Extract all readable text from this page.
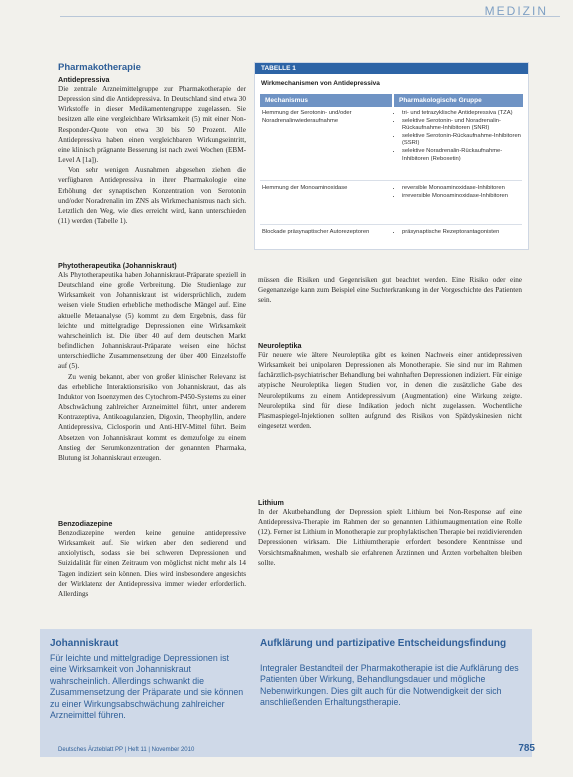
MEDIZIN
Pharmakotherapie
Antidepressiva

Die zentrale Arzneimittelgruppe zur Pharmakotherapie der Depression sind die Antidepressiva. In Deutschland sind etwa 30 Wirkstoffe in dieser Medikamentengruppe zugelassen. Sie besitzen alle eine vergleichbare Wirksamkeit (5) mit einer Non-Responder-Quote von etwa 30 bis 50 Prozent. Alle Antidepressiva haben einen vergleichbaren Wirkungseintritt, eine klinisch prägnante Besserung ist nach zwei Wochen (EBM-Level A [1a]).

Von sehr wenigen Ausnahmen abgesehen ziehen die verfügbaren Antidepressiva in ihrer Pharmakologie eine Erhöhung der synaptischen Konzentration von Serotonin und/oder Noradrenalin im ZNS als Wirkmechanismus nach sich. Letztlich den Weg, wie dies erreicht wird, kann unterschieden (11) werden (Tabelle 1).

TABELLE 1
Wirkmechanismen von Antidepressiva
Mechanismus	Pharmakologische Gruppe
Hemmung der Serotonin- und/oder Noradrenalinwiederaufnahme
• tri- und tetrazyklische Antidepressiva (TZA)
• selektive Serotonin- und Noradrenalin-Rückaufnahme-Inhibitoren (SNRI)
• selektive Serotonin-Rückaufnahme-Inhibitoren (SSRI)
• selektive Noradrenalin-Rückaufnahme-Inhibitoren (Reboxetin)
Hemmung der Monoaminoxidase	• reversible Monoaminoxidase-Inhibitoren
• irreversible Monoaminoxidase-Inhibitoren
Blockade präsynaptischer Autorezeptoren	• präsynaptische Rezeptorantagonisten
Phytotherapeutika (Johanniskraut)

Als Phytotherapeutika haben Johanniskraut-Präparate speziell in Deutschland eine große Verbreitung. Die Studienlage zur Wirksamkeit von Johanniskraut ist widersprüchlich, zudem weisen viele Studien erhebliche methodische Mängel auf. Eine aktuelle Metaanalyse (5) kommt zu dem Ergebnis, dass für leichte und mittelgradige Depressionen eine Wirksamkeit wahrscheinlich ist. Die über 40 auf dem deutschen Markt befindlichen Johanniskraut-Präparate weisen eine höchst unterschiedliche Zusammensetzung der über 400 Einzelstoffe auf (5).

Zu wenig bekannt, aber von großer klinischer Relevanz ist das erhebliche Interaktionsrisiko von Johanniskraut, das als Induktor von Isoenzymen des Cytochrom-P450-Systems zu einer Abschwächung zahlreicher Arzneimittel führt, unter anderem Kontrazeptiva, Antikoagulanzien, Digoxin, Theophyllin, andere Antidepressiva, Ciclosporin und Anti-HIV-Mittel führt. Beim Absetzen von Johanniskraut kommt es demzufolge zu einem Anstieg der Serumkonzentration der genannten Pharmaka, Blutung ist Johanniskraut erzeugen.

Benzodiazepine

Benzodiazepine werden keine genuine antidepressive Wirksamkeit auf. Sie wirken aber den sedierend und anxiolytisch, sodass sie bei schweren Depressionen und Suizidalität für einen Zeitraum von möglichst nicht mehr als 14 Tagen indiziert sein können. Dies wird insbesondere angesichts der Wirklatenz der Antidepressiva immer wieder erforderlich. Allerdings

müssen die Risiken und Gegenrisiken gut beachtet werden. Eine Risiko oder eine Gegenanzeige kann zum Beispiel eine Suchterkrankung in der Vorgeschichte des Patienten sein.

Neuroleptika

Für neuere wie ältere Neuroleptika gibt es keinen Nachweis einer antidepressiven Wirksamkeit bei unipolaren Depressionen als Monotherapie. Sie sind nur im Rahmen fachärztlich-psychiatrischer Behandlung bei wahnhaften Depressionen indiziert. Für einige atypische Neuroleptika liegen Studien vor, in denen die zusätzliche Gabe des Neuroleptikums zu einem Antidepressivum (Augmentation) eine Wirkung zeigte. Neuroleptika sind für diese Indikation jedoch nicht zugelassen. Wochentliche Plasmaspiegel-Injektionen sollten aufgrund des Risikos von Spätdyskinesien nicht eingesetzt werden.

Lithium

In der Akutbehandlung der Depression spielt Lithium bei Non-Response auf eine Antidepressiva-Therapie im Rahmen der so genannten Lithiumaugmentation eine Rolle (12). Ferner ist Lithium in Monotherapie zur prophylaktischen Therapie bei rezidivierenden Depressionen wirksam. Die Lithiumtherapie erfordert besondere Kenntnisse und Vorsichtsmaßnahmen, weshalb sie erfahrenen Ärztinnen und Ärzten vorbehalten bleiben sollte.

Johanniskraut
Für leichte und mittelgradige Depressionen ist eine Wirksamkeit von Johanniskraut wahrscheinlich. Allerdings schwankt die Zusammensetzung der Präparate und sie können zu einer Wirkungsabschwächung zahlreicher Arzneimittel führen.
Aufklärung und partizipative Entscheidungsfindung
Integraler Bestandteil der Pharmakotherapie ist die Aufklärung des Patienten über Wirkung, Behandlungsdauer und mögliche Nebenwirkungen. Dies gilt auch für die Notwendigkeit der sich anschließenden Erhaltungstherapie.
Deutsches Ärzteblatt PP | Heft 11 | November 2010	785
